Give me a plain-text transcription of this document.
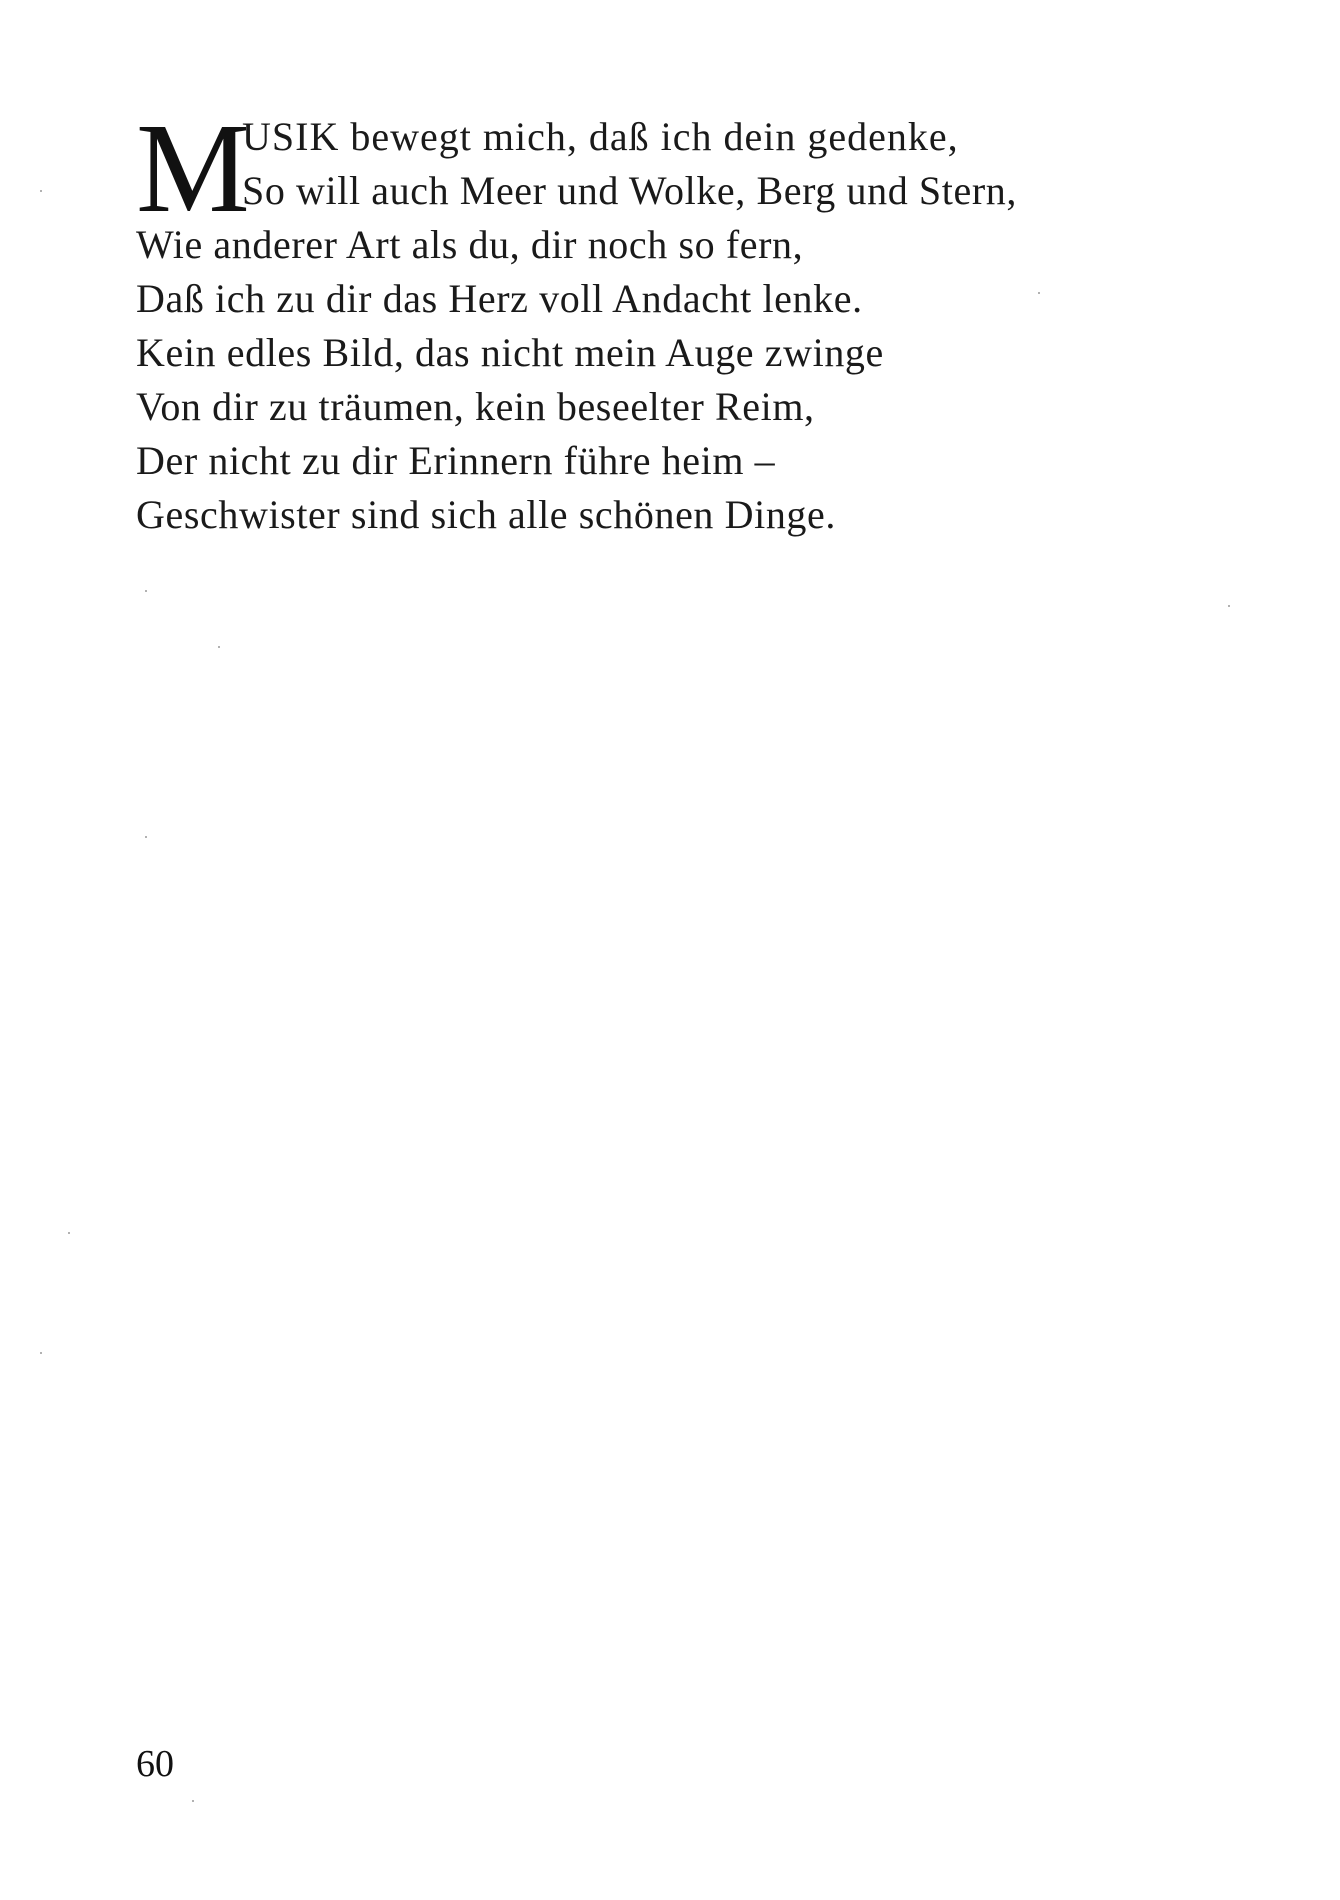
M
USIK bewegt mich, daß ich dein gedenke,
So will auch Meer und Wolke, Berg und Stern,
Wie anderer Art als du, dir noch so fern,
Daß ich zu dir das Herz voll Andacht lenke.
Kein edles Bild, das nicht mein Auge zwinge
Von dir zu träumen, kein beseelter Reim,
Der nicht zu dir Erinnern führe heim –
Geschwister sind sich alle schönen Dinge.
60
